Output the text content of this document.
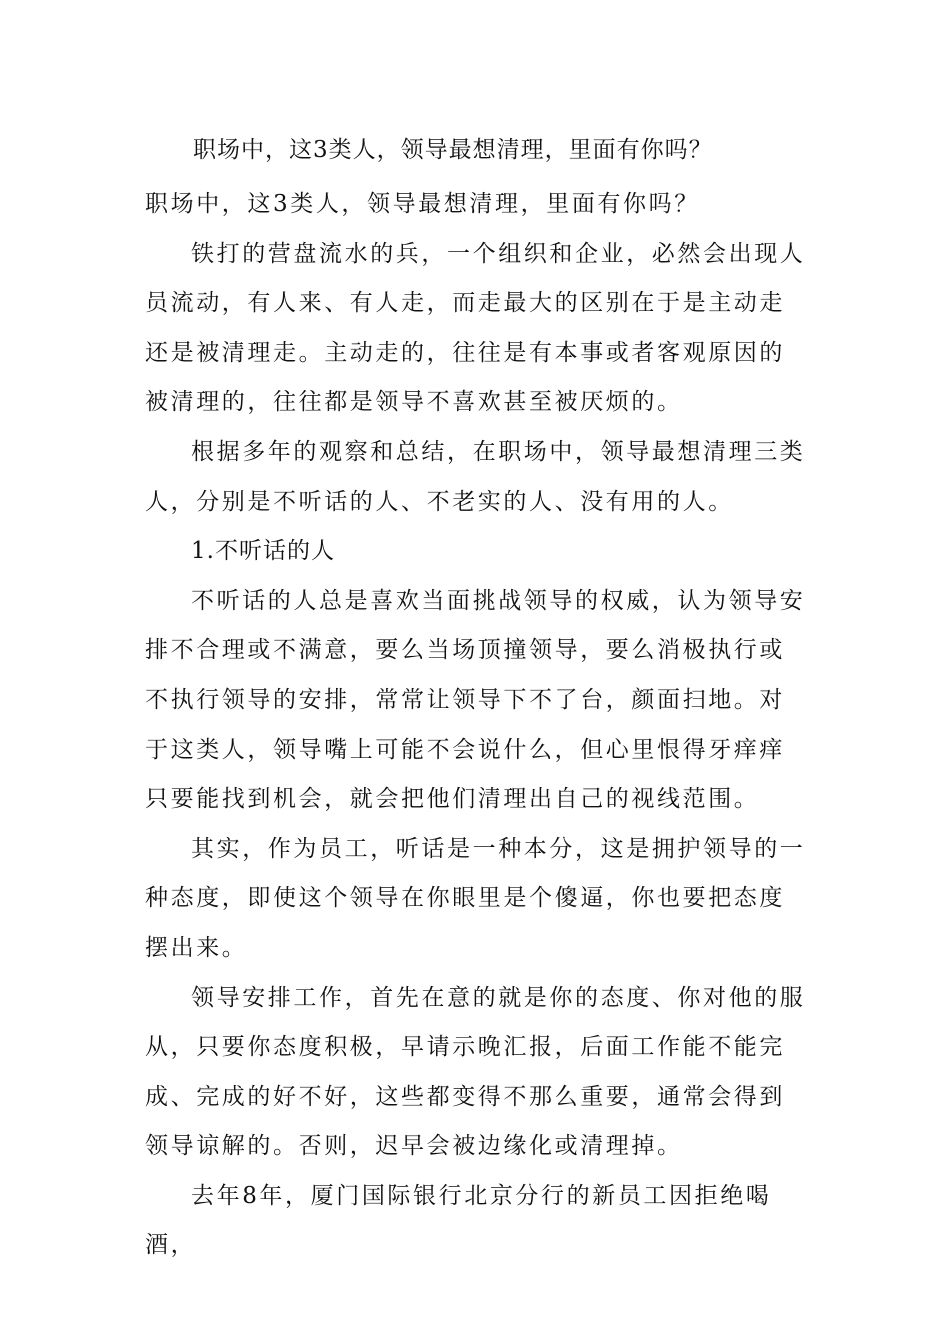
职场中，这3类人，领导最想清理，里面有你吗？

职场中，这3类人，领导最想清理，里面有你吗？

铁打的营盘流水的兵，一个组织和企业，必然会出现人员流动，有人来、有人走，而走最大的区别在于是主动走还是被清理走。主动走的，往往是有本事或者客观原因的被清理的，往往都是领导不喜欢甚至被厌烦的。

根据多年的观察和总结，在职场中，领导最想清理三类人，分别是不听话的人、不老实的人、没有用的人。

1.不听话的人

不听话的人总是喜欢当面挑战领导的权威，认为领导安排不合理或不满意，要么当场顶撞领导，要么消极执行或不执行领导的安排，常常让领导下不了台，颜面扫地。对于这类人，领导嘴上可能不会说什么，但心里恨得牙痒痒只要能找到机会，就会把他们清理出自己的视线范围。

其实，作为员工，听话是一种本分，这是拥护领导的一种态度，即使这个领导在你眼里是个傻逼，你也要把态度摆出来。

领导安排工作，首先在意的就是你的态度、你对他的服从，只要你态度积极，早请示晚汇报，后面工作能不能完成、完成的好不好，这些都变得不那么重要，通常会得到领导谅解的。否则，迟早会被边缘化或清理掉。

去年8年，厦门国际银行北京分行的新员工因拒绝喝酒，
